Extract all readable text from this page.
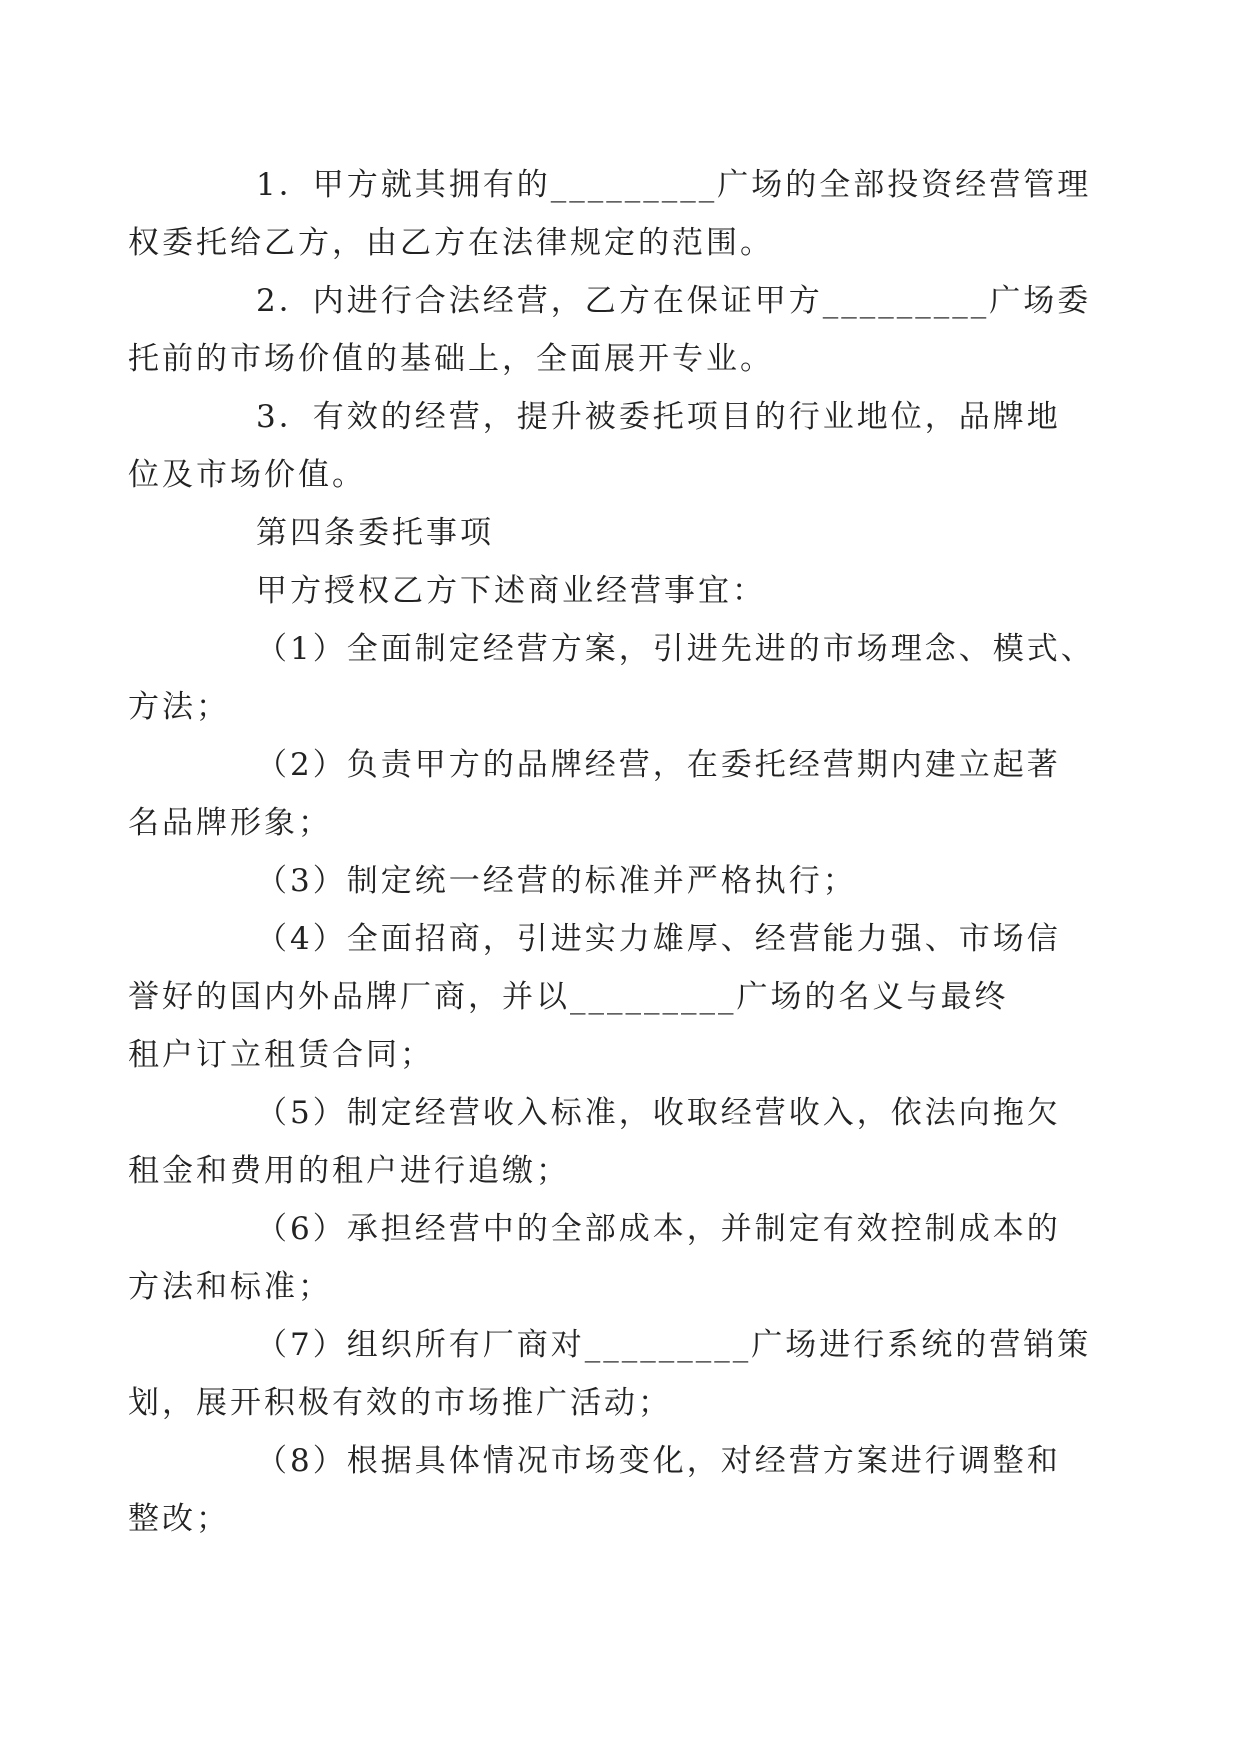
1．甲方就其拥有的_________广场的全部投资经营管理
权委托给乙方，由乙方在法律规定的范围。

2．内进行合法经营，乙方在保证甲方_________广场委
托前的市场价值的基础上，全面展开专业。

3．有效的经营，提升被委托项目的行业地位，品牌地
位及市场价值。

第四条委托事项

甲方授权乙方下述商业经营事宜：

（1）全面制定经营方案，引进先进的市场理念、模式、
方法；

（2）负责甲方的品牌经营，在委托经营期内建立起著
名品牌形象；

（3）制定统一经营的标准并严格执行；

（4）全面招商，引进实力雄厚、经营能力强、市场信
誉好的国内外品牌厂商，并以_________广场的名义与最终
租户订立租赁合同；

（5）制定经营收入标准，收取经营收入，依法向拖欠
租金和费用的租户进行追缴；

（6）承担经营中的全部成本，并制定有效控制成本的
方法和标准；

（7）组织所有厂商对_________广场进行系统的营销策
划，展开积极有效的市场推广活动；

（8）根据具体情况市场变化，对经营方案进行调整和
整改；
